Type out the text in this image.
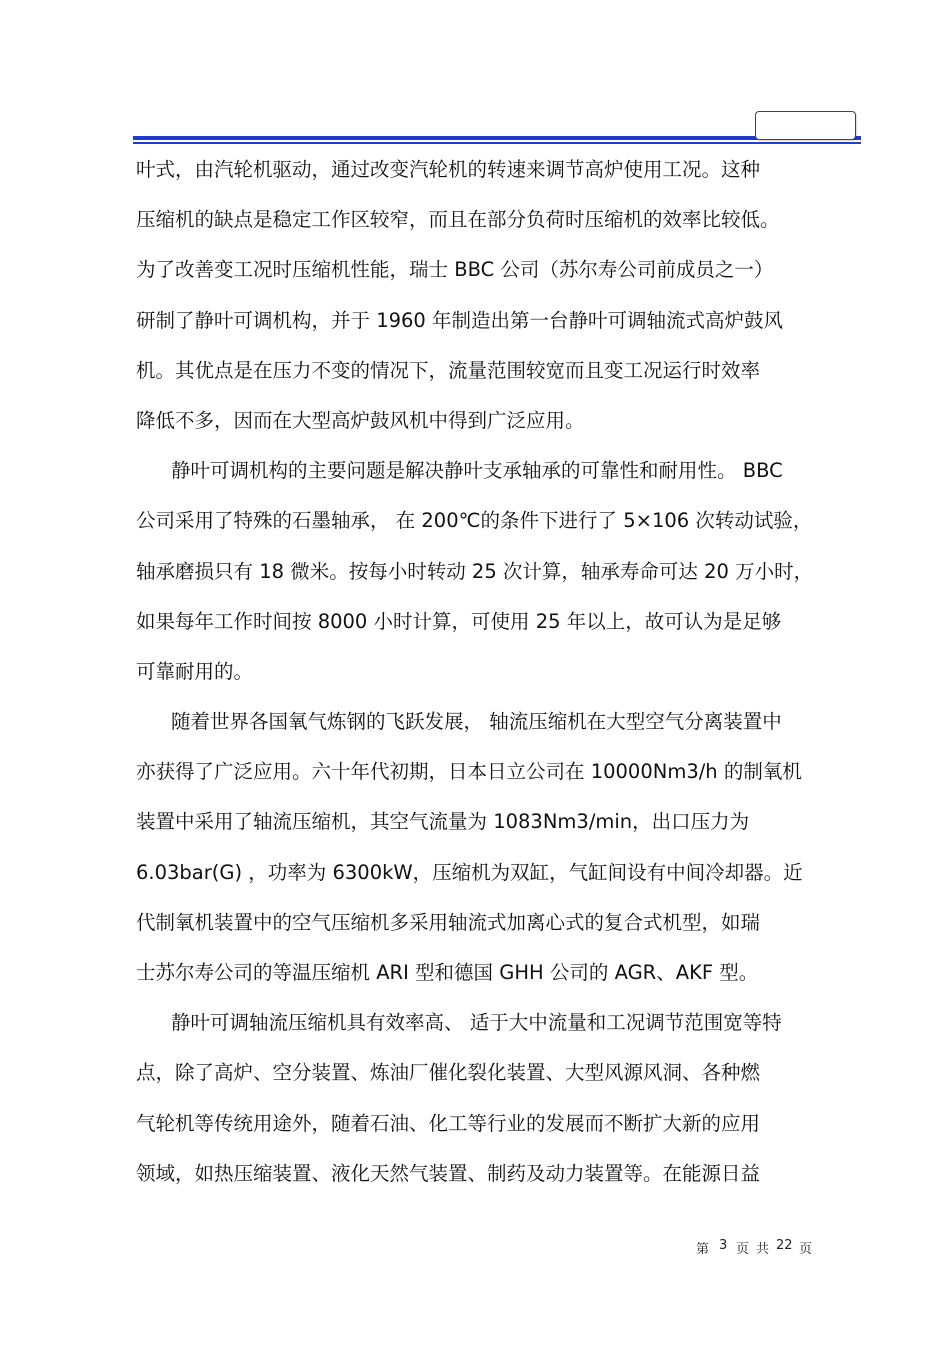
叶式，由汽轮机驱动，通过改变汽轮机的转速来调节高炉使用工况。这种
压缩机的缺点是稳定工作区较窄，而且在部分负荷时压缩机的效率比较低。
为了改善变工况时压缩机性能，瑞士 BBC 公司（苏尔寿公司前成员之一）
研制了静叶可调机构，并于 1960 年制造出第一台静叶可调轴流式高炉鼓风
机。其优点是在压力不变的情况下，流量范围较宽而且变工况运行时效率
降低不多，因而在大型高炉鼓风机中得到广泛应用。
静叶可调机构的主要问题是解决静叶支承轴承的可靠性和耐用性。 BBC
公司采用了特殊的石墨轴承， 在 200℃的条件下进行了 5×106 次转动试验，
轴承磨损只有 18 微米。按每小时转动 25 次计算，轴承寿命可达 20 万小时，
如果每年工作时间按 8000 小时计算，可使用 25 年以上，故可认为是足够
可靠耐用的。
随着世界各国氧气炼钢的飞跃发展， 轴流压缩机在大型空气分离装置中
亦获得了广泛应用。六十年代初期，日本日立公司在 10000Nm3/h 的制氧机
装置中采用了轴流压缩机，其空气流量为 1083Nm3/min，出口压力为
6.03bar(G) ，功率为 6300kW，压缩机为双缸，气缸间设有中间冷却器。近
代制氧机装置中的空气压缩机多采用轴流式加离心式的复合式机型，如瑞
士苏尔寿公司的等温压缩机 ARI 型和德国 GHH 公司的 AGR、AKF 型。
静叶可调轴流压缩机具有效率高、 适于大中流量和工况调节范围宽等特
点，除了高炉、空分装置、炼油厂催化裂化装置、大型风源风洞、各种燃
气轮机等传统用途外，随着石油、化工等行业的发展而不断扩大新的应用
领域，如热压缩装置、液化天然气装置、制药及动力装置等。在能源日益
第 3 页 共 22 页
